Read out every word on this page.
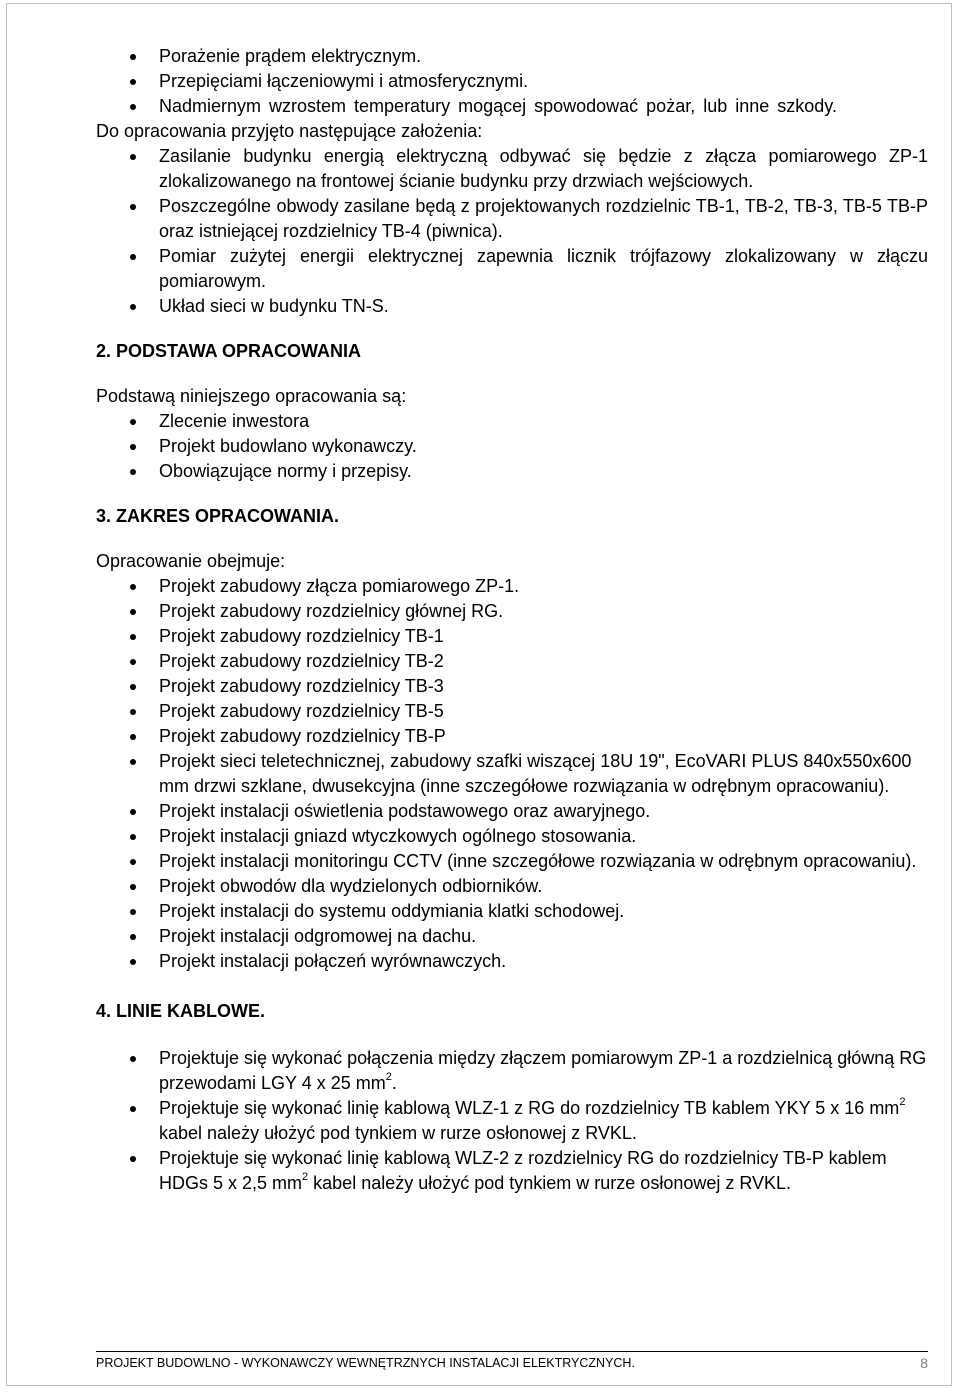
Porażenie prądem elektrycznym.
Przepięciami łączeniowymi i atmosferycznymi.
Nadmiernym wzrostem temperatury mogącej spowodować pożar, lub inne szkody.

Do opracowania przyjęto następujące założenia:

Zasilanie budynku energią elektryczną odbywać się będzie z złącza pomiarowego ZP-1 zlokalizowanego na frontowej ścianie budynku przy drzwiach wejściowych.
Poszczególne obwody zasilane będą z projektowanych rozdzielnic TB-1, TB-2, TB-3, TB-5 TB-P oraz istniejącej rozdzielnicy TB-4 (piwnica).
Pomiar zużytej energii elektrycznej zapewnia licznik trójfazowy zlokalizowany w złączu pomiarowym.
Układ sieci w budynku TN-S.
2. PODSTAWA OPRACOWANIA

Podstawą niniejszego opracowania są:

Zlecenie inwestora
Projekt budowlano wykonawczy.
Obowiązujące normy i przepisy.
3. ZAKRES OPRACOWANIA.

Opracowanie obejmuje:

Projekt zabudowy złącza pomiarowego ZP-1.
Projekt zabudowy rozdzielnicy głównej RG.
Projekt zabudowy rozdzielnicy TB-1
Projekt zabudowy rozdzielnicy TB-2
Projekt zabudowy rozdzielnicy TB-3
Projekt zabudowy rozdzielnicy TB-5
Projekt zabudowy rozdzielnicy TB-P
Projekt sieci teletechnicznej, zabudowy szafki wiszącej 18U 19", EcoVARI PLUS 840x550x600 mm drzwi szklane, dwusekcyjna (inne szczegółowe rozwiązania w odrębnym opracowaniu).
Projekt instalacji oświetlenia podstawowego oraz awaryjnego.
Projekt instalacji gniazd wtyczkowych ogólnego stosowania.
Projekt instalacji monitoringu CCTV (inne szczegółowe rozwiązania w odrębnym opracowaniu).
Projekt obwodów dla wydzielonych odbiorników.
Projekt instalacji do systemu oddymiania klatki schodowej.
Projekt instalacji odgromowej na dachu.
Projekt instalacji połączeń wyrównawczych.
4. LINIE KABLOWE.
Projektuje się wykonać połączenia między złączem pomiarowym ZP-1 a rozdzielnicą główną RG przewodami LGY 4 x 25 $mm^2$.
Projektuje się wykonać linię kablową WLZ-1 z RG do rozdzielnicy TB kablem YKY 5 x 16 $mm^2$ kabel należy ułożyć pod tynkiem w rurze osłonowej z RVKL.
Projektuje się wykonać linię kablową WLZ-2 z rozdzielnicy RG do rozdzielnicy TB-P kablem HDGs 5 x 2,5 $mm^2$ kabel należy ułożyć pod tynkiem w rurze osłonowej z RVKL.
PROJEKT BUDOWLNO - WYKONAWCZY WEWNĘTRZNYCH INSTALACJI ELEKTRYCZNYCH.	8
